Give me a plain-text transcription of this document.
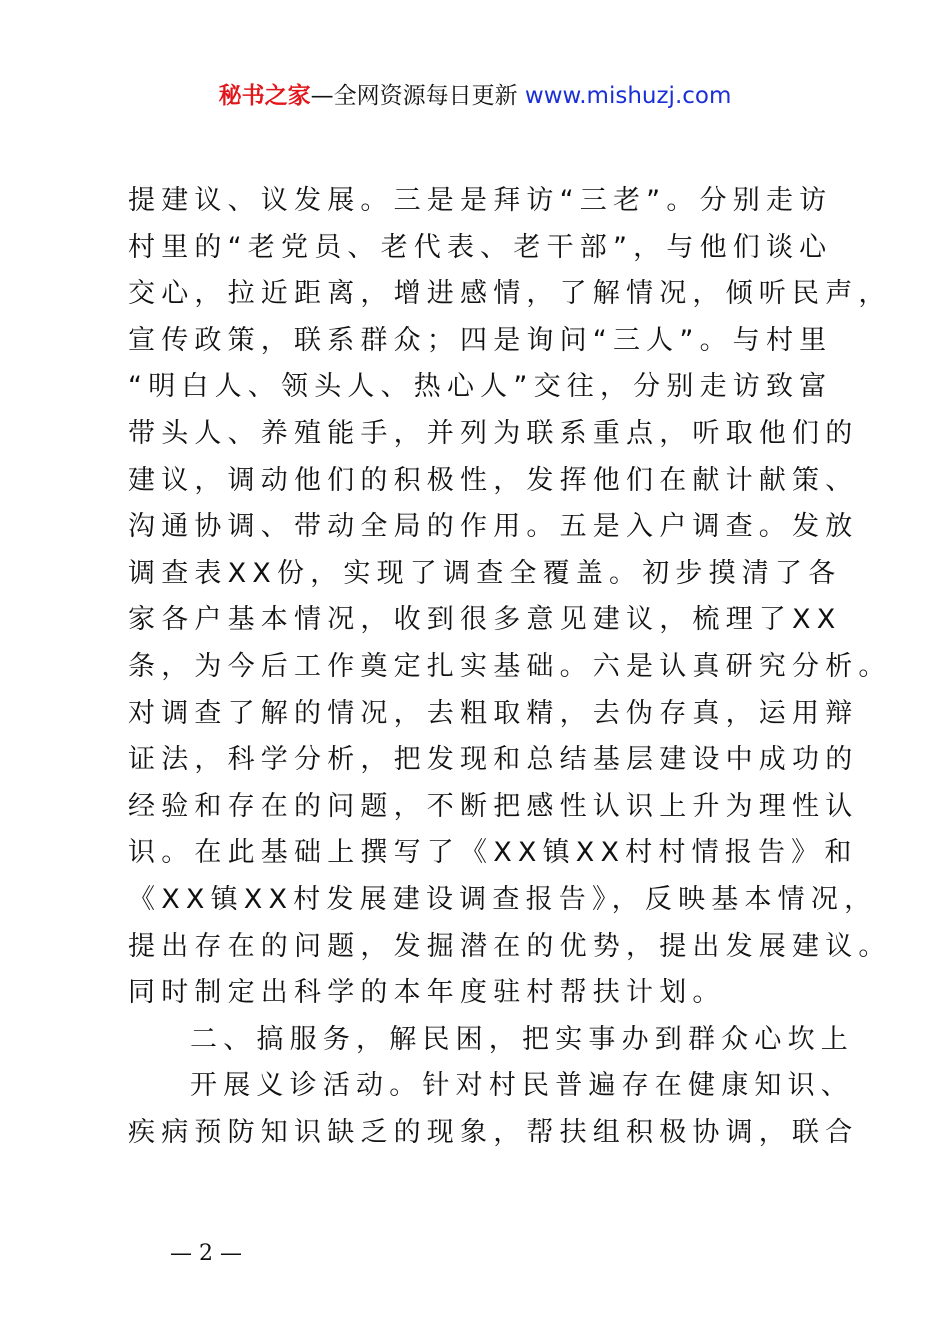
秘书之家—全网资源每日更新 www.mishuzj.com
提建议、议发展。三是是拜访“三老”。分别走访
村里的“老党员、老代表、老干部”，与他们谈心
交心，拉近距离，增进感情，了解情况，倾听民声，
宣传政策，联系群众；四是询问“三人”。与村里
“明白人、领头人、热心人”交往，分别走访致富
带头人、养殖能手，并列为联系重点，听取他们的
建议，调动他们的积极性，发挥他们在献计献策、
沟通协调、带动全局的作用。五是入户调查。发放
调查表XX份，实现了调查全覆盖。初步摸清了各
家各户基本情况，收到很多意见建议，梳理了XX
条，为今后工作奠定扎实基础。六是认真研究分析。
对调查了解的情况，去粗取精，去伪存真，运用辩
证法，科学分析，把发现和总结基层建设中成功的
经验和存在的问题，不断把感性认识上升为理性认
识。在此基础上撰写了《XX镇XX村村情报告》和
《XX镇XX村发展建设调查报告》，反映基本情况，
提出存在的问题，发掘潜在的优势，提出发展建议。
同时制定出科学的本年度驻村帮扶计划。
二、搞服务，解民困，把实事办到群众心坎上
开展义诊活动。针对村民普遍存在健康知识、
疾病预防知识缺乏的现象，帮扶组积极协调，联合
— 2 —
